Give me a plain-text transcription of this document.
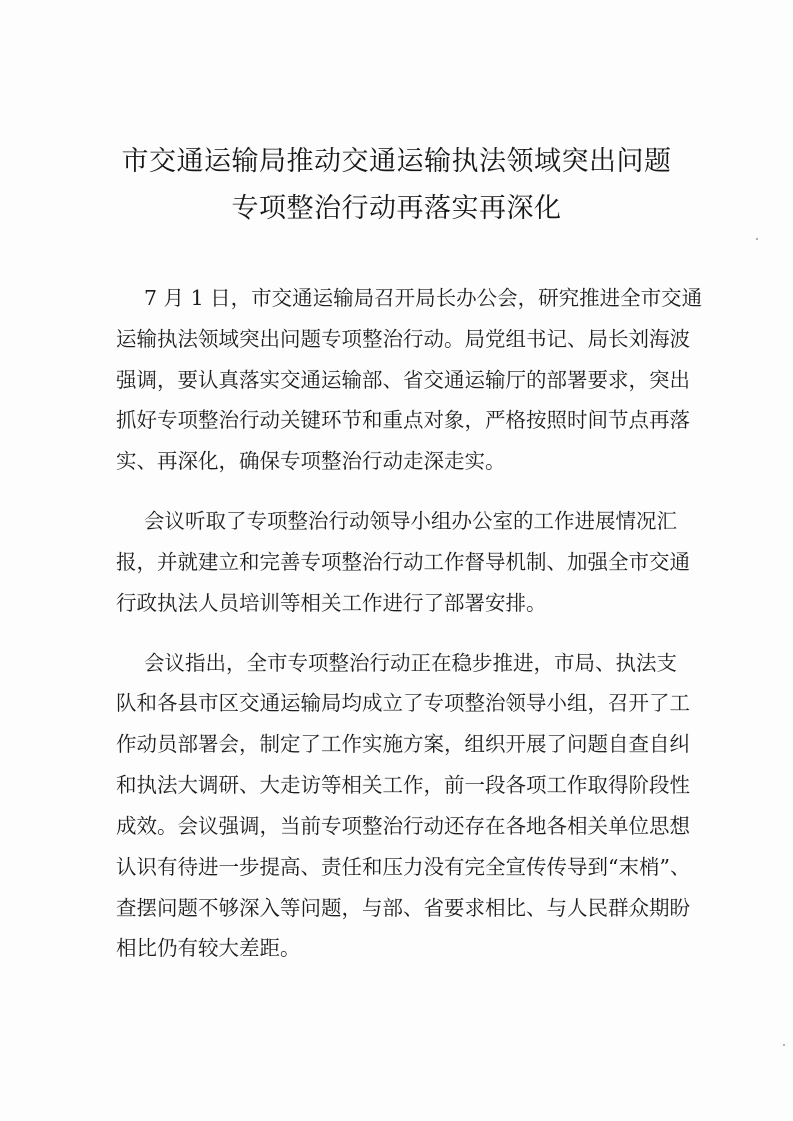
市交通运输局推动交通运输执法领域突出问题
专项整治行动再落实再深化
7 月 1 日，市交通运输局召开局长办公会，研究推进全市交通
运输执法领域突出问题专项整治行动。局党组书记、局长刘海波
强调，要认真落实交通运输部、省交通运输厅的部署要求，突出
抓好专项整治行动关键环节和重点对象，严格按照时间节点再落
实、再深化，确保专项整治行动走深走实。
会议听取了专项整治行动领导小组办公室的工作进展情况汇
报，并就建立和完善专项整治行动工作督导机制、加强全市交通
行政执法人员培训等相关工作进行了部署安排。
会议指出，全市专项整治行动正在稳步推进，市局、执法支
队和各县市区交通运输局均成立了专项整治领导小组，召开了工
作动员部署会，制定了工作实施方案，组织开展了问题自查自纠
和执法大调研、大走访等相关工作，前一段各项工作取得阶段性
成效。会议强调，当前专项整治行动还存在各地各相关单位思想
认识有待进一步提高、责任和压力没有完全宣传传导到“末梢”、
查摆问题不够深入等问题，与部、省要求相比、与人民群众期盼
相比仍有较大差距。
